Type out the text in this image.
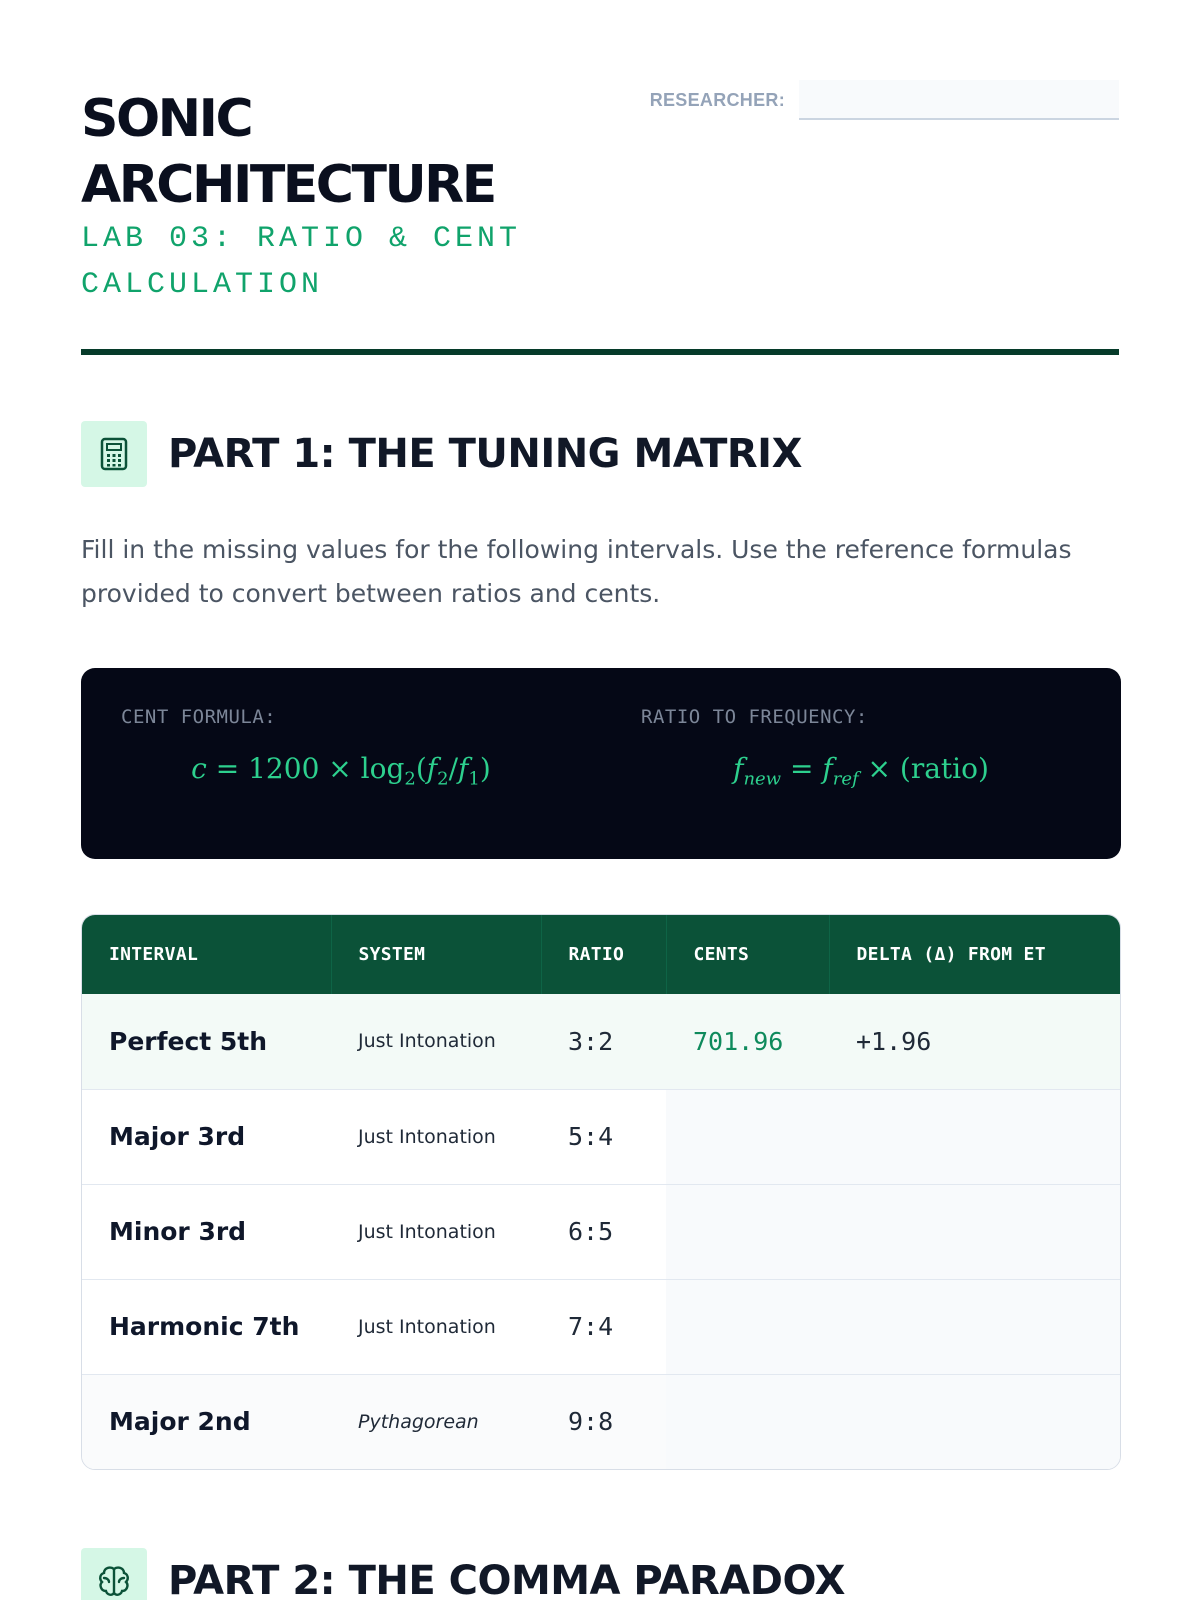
SONIC
ARCHITECTURE
LAB 03: RATIO & CENT
CALCULATION
RESEARCHER:
PART 1: THE TUNING MATRIX

Fill in the missing values for the following intervals. Use the reference formulas provided to convert between ratios and cents.

CENT FORMULA:
$c = 1200 \times \log_2(f_2/f_1)$
RATIO TO FREQUENCY:
$f_{new} = f_{ref}$ × (ratio)
INTERVAL	SYSTEM	RATIO	CENTS	DELTA (Δ) FROM ET
Perfect 5th	Just Intonation	3:2	701.96	+1.96
Major 3rd	Just Intonation	5:4		
Minor 3rd	Just Intonation	6:5		
Harmonic 7th	Just Intonation	7:4		
Major 2nd	Pythagorean	9:8		
PART 2: THE COMMA PARADOX
